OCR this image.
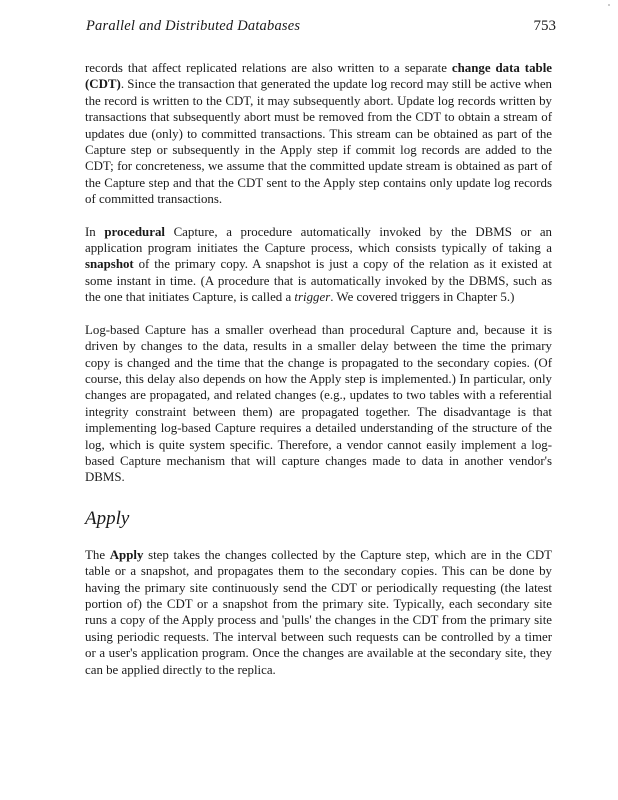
Parallel and Distributed Databases	753

records that affect replicated relations are also written to a separate change data table (CDT). Since the transaction that generated the update log record may still be active when the record is written to the CDT, it may subsequently abort. Update log records written by transactions that subsequently abort must be removed from the CDT to obtain a stream of updates due (only) to committed transactions. This stream can be obtained as part of the Capture step or subsequently in the Apply step if commit log records are added to the CDT; for concreteness, we assume that the committed update stream is obtained as part of the Capture step and that the CDT sent to the Apply step contains only update log records of committed transactions.

In procedural Capture, a procedure automatically invoked by the DBMS or an application program initiates the Capture process, which consists typically of taking a snapshot of the primary copy. A snapshot is just a copy of the relation as it existed at some instant in time. (A procedure that is automatically invoked by the DBMS, such as the one that initiates Capture, is called a trigger. We covered triggers in Chapter 5.)

Log-based Capture has a smaller overhead than procedural Capture and, because it is driven by changes to the data, results in a smaller delay between the time the primary copy is changed and the time that the change is propagated to the secondary copies. (Of course, this delay also depends on how the Apply step is implemented.) In particular, only changes are propagated, and related changes (e.g., updates to two tables with a referential integrity constraint between them) are propagated together. The disadvantage is that implementing log-based Capture requires a detailed understanding of the structure of the log, which is quite system specific. Therefore, a vendor cannot easily implement a log-based Capture mechanism that will capture changes made to data in another vendor's DBMS.

Apply

The Apply step takes the changes collected by the Capture step, which are in the CDT table or a snapshot, and propagates them to the secondary copies. This can be done by having the primary site continuously send the CDT or periodically requesting (the latest portion of) the CDT or a snapshot from the primary site. Typically, each secondary site runs a copy of the Apply process and 'pulls' the changes in the CDT from the primary site using periodic requests. The interval between such requests can be controlled by a timer or a user's application program. Once the changes are available at the secondary site, they can be applied directly to the replica.
